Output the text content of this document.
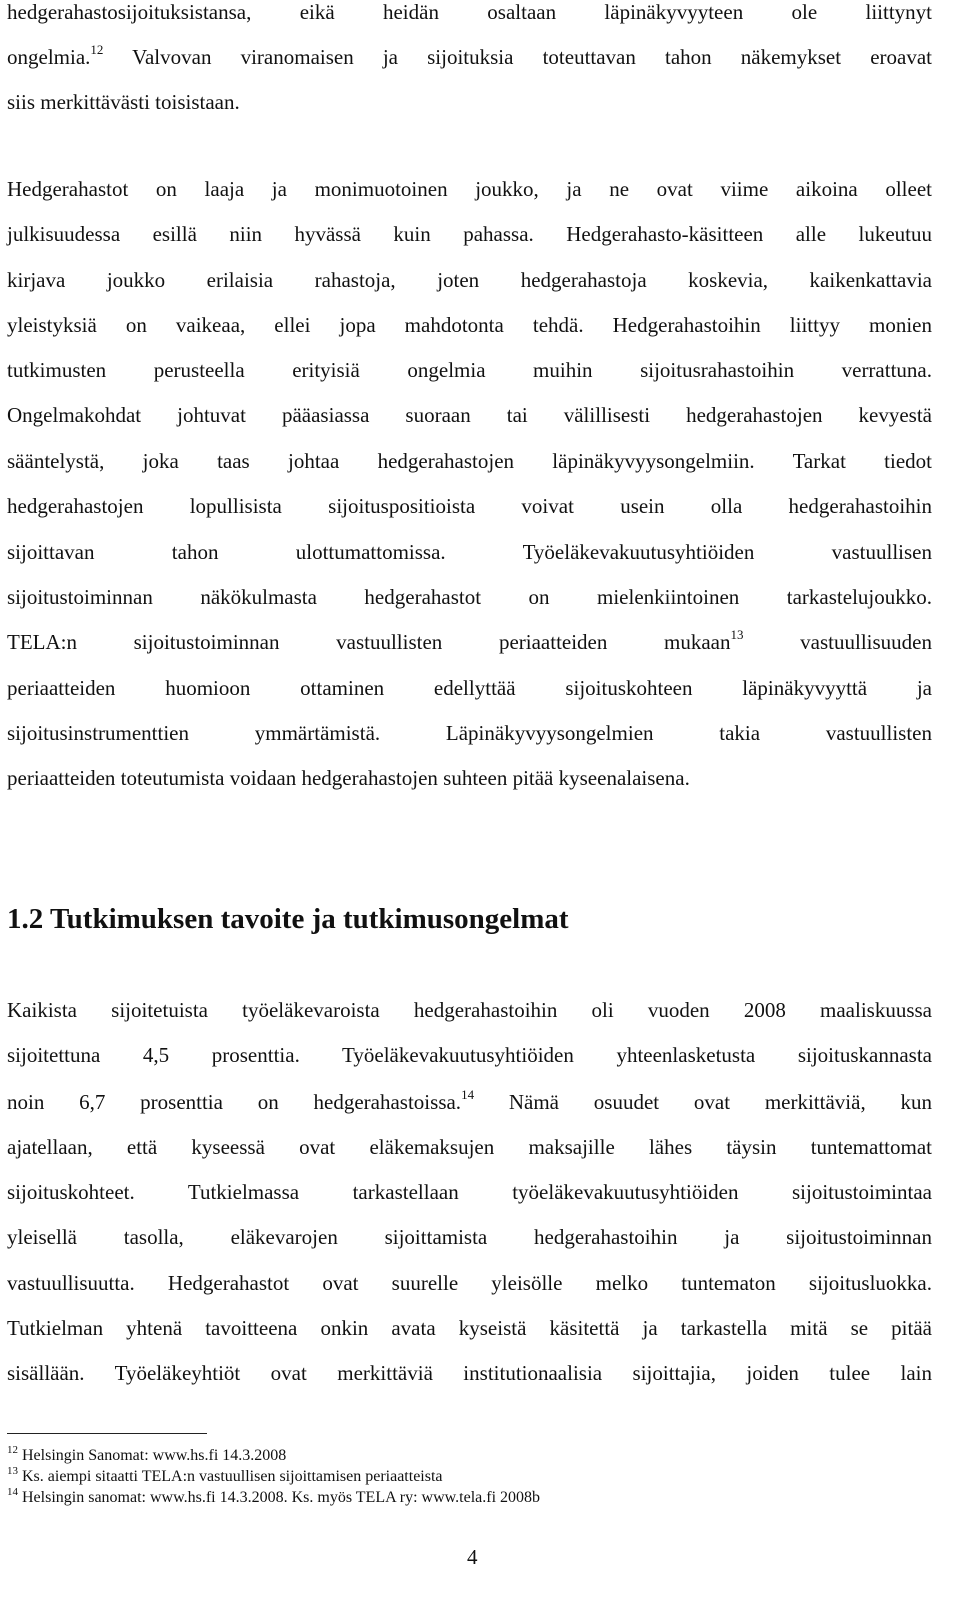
hedgerahastosijoituksistansa, eikä heidän osaltaan läpinäkyvyyteen ole liittynyt
ongelmia.$^{12}$ Valvovan viranomaisen ja sijoituksia toteuttavan tahon näkemykset eroavat
siis merkittävästi toisistaan.
Hedgerahastot on laaja ja monimuotoinen joukko, ja ne ovat viime aikoina olleet
julkisuudessa esillä niin hyvässä kuin pahassa. Hedgerahasto-käsitteen alle lukeutuu
kirjava joukko erilaisia rahastoja, joten hedgerahastoja koskevia, kaikenkattavia
yleistyksiä on vaikeaa, ellei jopa mahdotonta tehdä. Hedgerahastoihin liittyy monien
tutkimusten perusteella erityisiä ongelmia muihin sijoitusrahastoihin verrattuna.
Ongelmakohdat johtuvat pääasiassa suoraan tai välillisesti hedgerahastojen kevyestä
sääntelystä, joka taas johtaa hedgerahastojen läpinäkyvyysongelmiin. Tarkat tiedot
hedgerahastojen lopullisista sijoituspositioista voivat usein olla hedgerahastoihin
sijoittavan tahon ulottumattomissa. Työeläkevakuutusyhtiöiden vastuullisen
sijoitustoiminnan näkökulmasta hedgerahastot on mielenkiintoinen tarkastelujoukko.
TELA:n sijoitustoiminnan vastuullisten periaatteiden mukaan$^{13}$ vastuullisuuden
periaatteiden huomioon ottaminen edellyttää sijoituskohteen läpinäkyvyyttä ja
sijoitusinstrumenttien ymmärtämistä. Läpinäkyvyysongelmien takia vastuullisten
periaatteiden toteutumista voidaan hedgerahastojen suhteen pitää kyseenalaisena.
1.2 Tutkimuksen tavoite ja tutkimusongelmat
Kaikista sijoitetuista työeläkevaroista hedgerahastoihin oli vuoden 2008 maaliskuussa
sijoitettuna 4,5 prosenttia. Työeläkevakuutusyhtiöiden yhteenlasketusta sijoituskannasta
noin 6,7 prosenttia on hedgerahastoissa.$^{14}$ Nämä osuudet ovat merkittäviä, kun
ajatellaan, että kyseessä ovat eläkemaksujen maksajille lähes täysin tuntemattomat
sijoituskohteet. Tutkielmassa tarkastellaan työeläkevakuutusyhtiöiden sijoitustoimintaa
yleisellä tasolla, eläkevarojen sijoittamista hedgerahastoihin ja sijoitustoiminnan
vastuullisuutta. Hedgerahastot ovat suurelle yleisölle melko tuntematon sijoitusluokka.
Tutkielman yhtenä tavoitteena onkin avata kyseistä käsitettä ja tarkastella mitä se pitää
sisällään. Työeläkeyhtiöt ovat merkittäviä institutionaalisia sijoittajia, joiden tulee lain
$^{12}$ Helsingin Sanomat: www.hs.fi 14.3.2008
$^{13}$ Ks. aiempi sitaatti TELA:n vastuullisen sijoittamisen periaatteista
$^{14}$ Helsingin sanomat: www.hs.fi 14.3.2008. Ks. myös TELA ry: www.tela.fi 2008b
4
